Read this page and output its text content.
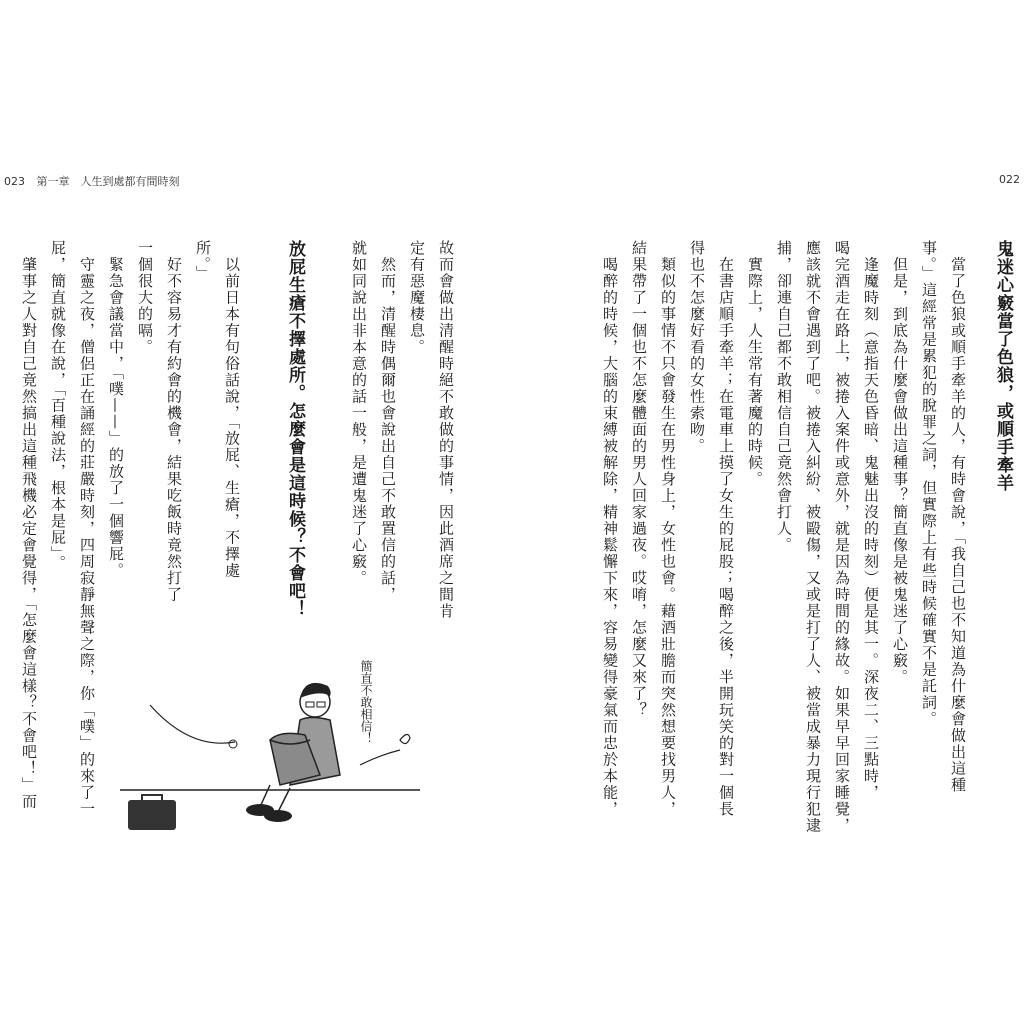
023 第一章　人生到處都有間時刻	022
故而會做出清醒時絕不敢做的事情，因此酒席之間肯
定有惡魔棲息。
　然而，清醒時偶爾也會說出自己不敢置信的話，
就如同說出非本意的話一般，是遭鬼迷了心竅。
放屁生瘡不擇處所。怎麼會是這時候？不會吧！
　以前日本有句俗話說，「放屁、生瘡，不擇處
所。」
　好不容易才有約會的機會，結果吃飯時竟然打了
一個很大的嗝。
　緊急會議當中，「噗——」的放了一個響屁。
　守靈之夜，僧侶正在誦經的莊嚴時刻，四周寂靜無聲之際，你「噗」的來了一
屁，簡直就像在說，「百種說法，根本是屁」。
　肇事之人對自己竟然搞出這種飛機必定會覺得，「怎麼會這樣？不會吧！」而	簡直不敢相信！
鬼迷心竅當了色狼，或順手牽羊
　當了色狼或順手牽羊的人，有時會說，「我自己也不知道為什麼會做出這種
事。」這經常是累犯的脫罪之詞，但實際上有些時候確實不是託詞。
　但是，到底為什麼會做出這種事？簡直像是被鬼迷了心竅。
　逢魔時刻（意指天色昏暗、鬼魅出沒的時刻）便是其一。深夜二、三點時，
喝完酒走在路上，被捲入案件或意外，就是因為時間的緣故。如果早早回家睡覺，
應該就不會遇到了吧。被捲入糾紛、被毆傷，又或是打了人、被當成暴力現行犯逮
捕，卻連自己都不敢相信自己竟然會打人。
　實際上，人生常有著魔的時候。
　在書店順手牽羊；在電車上摸了女生的屁股；喝醉之後，半開玩笑的對一個長
得也不怎麼好看的女性索吻。
　類似的事情不只會發生在男性身上，女性也會。藉酒壯膽而突然想要找男人，
結果帶了一個也不怎麼體面的男人回家過夜。哎唷，怎麼又來了？
　喝醉的時候，大腦的束縛被解除，精神鬆懈下來，容易變得豪氣而忠於本能，
